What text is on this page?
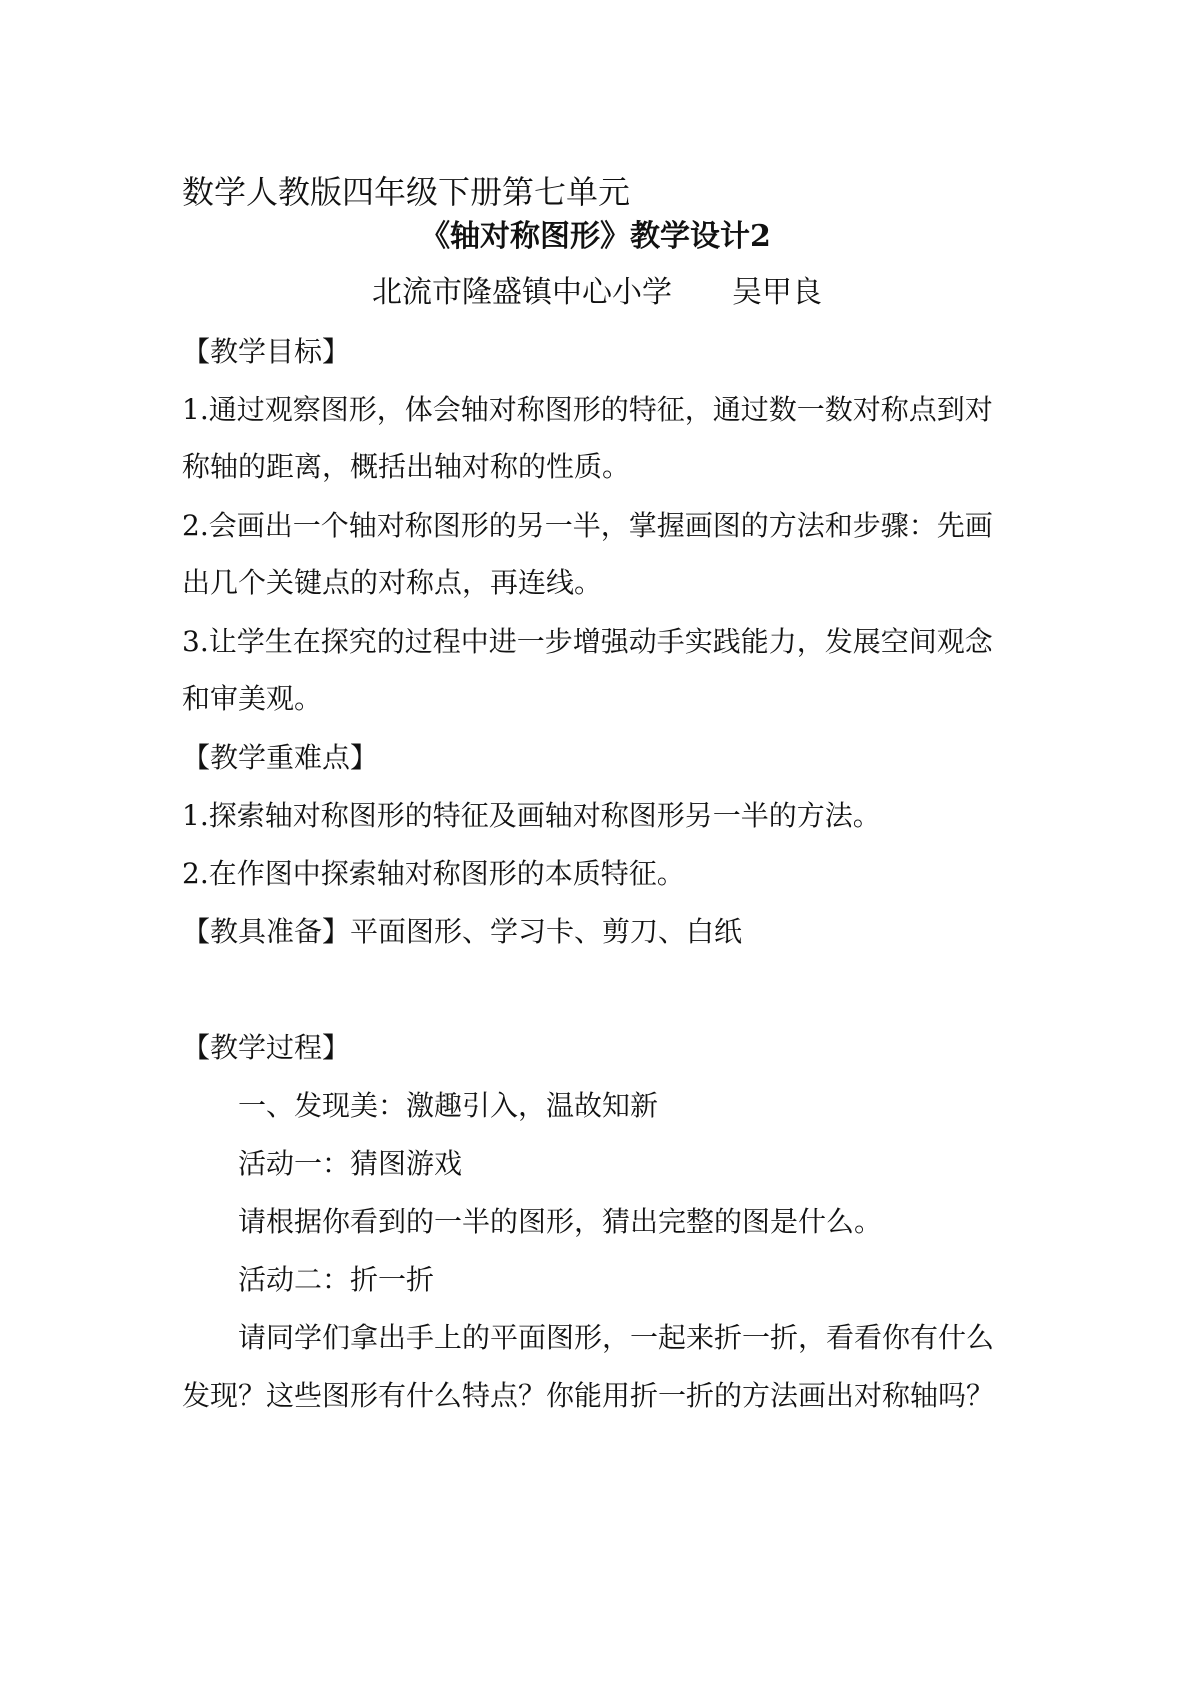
数学人教版四年级下册第七单元
《轴对称图形》教学设计2
北流市隆盛镇中心小学 吴甲良
【教学目标】
1.通过观察图形，体会轴对称图形的特征，通过数一数对称点到对
称轴的距离，概括出轴对称的性质。
2.会画出一个轴对称图形的另一半，掌握画图的方法和步骤：先画
出几个关键点的对称点，再连线。
3.让学生在探究的过程中进一步增强动手实践能力，发展空间观念
和审美观。
【教学重难点】
1.探索轴对称图形的特征及画轴对称图形另一半的方法。
2.在作图中探索轴对称图形的本质特征。
【教具准备】平面图形、学习卡、剪刀、白纸
【教学过程】
一、发现美：激趣引入，温故知新
活动一：猜图游戏
请根据你看到的一半的图形，猜出完整的图是什么。
活动二：折一折
请同学们拿出手上的平面图形，一起来折一折，看看你有什么
发现？这些图形有什么特点？你能用折一折的方法画出对称轴吗？
